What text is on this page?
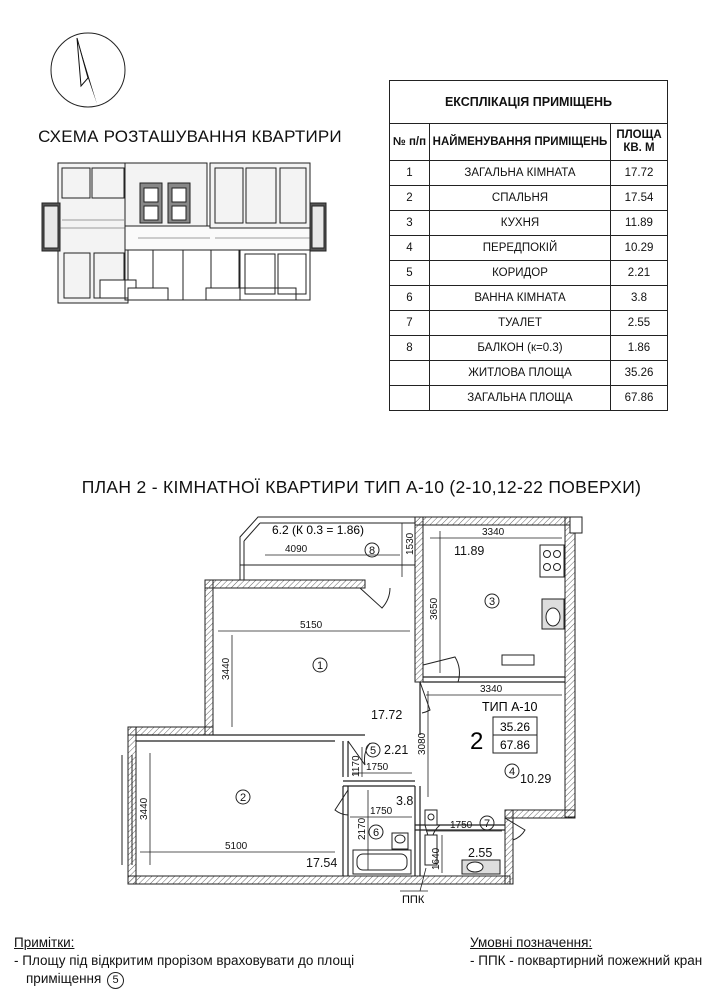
СХЕМА РОЗТАШУВАННЯ КВАРТИРИ
ЕКСПЛІКАЦІЯ ПРИМІЩЕНЬ		
№ п/п	НАЙМЕНУВАННЯ ПРИМІЩЕНЬ	ПЛОЩА КВ. М
1	ЗАГАЛЬНА КІМНАТА	17.72
2	СПАЛЬНЯ	17.54
3	КУХНЯ	11.89
4	ПЕРЕДПОКІЙ	10.29
5	КОРИДОР	2.21
6	ВАННА КІМНАТА	3.8
7	ТУАЛЕТ	2.55
8	БАЛКОН (к=0.3)	1.86
	ЖИТЛОВА ПЛОЩА	35.26
	ЗАГАЛЬНА ПЛОЩА	67.86
ПЛАН 2 - КІМНАТНОЇ КВАРТИРИ ТИП А-10 (2-10,12-22 ПОВЕРХИ)
4090	1530
3340
3650
5150
3440
3340
3080
1170 1750
3440
5100
1750
2170	1750
1640
6.2 (К 0.3 = 1.86)
1
2
3
4
5
6
7
8	11.89
17.72
2.21
3.8
17.54
2.55
10.29
ТИП А-10
2
35.26
67.86
ППК
Примітки:
- Площу під відкритим прорізом враховувати до площі
приміщення 5
Умовні позначення:
- ППК - поквартирний пожежний кран
